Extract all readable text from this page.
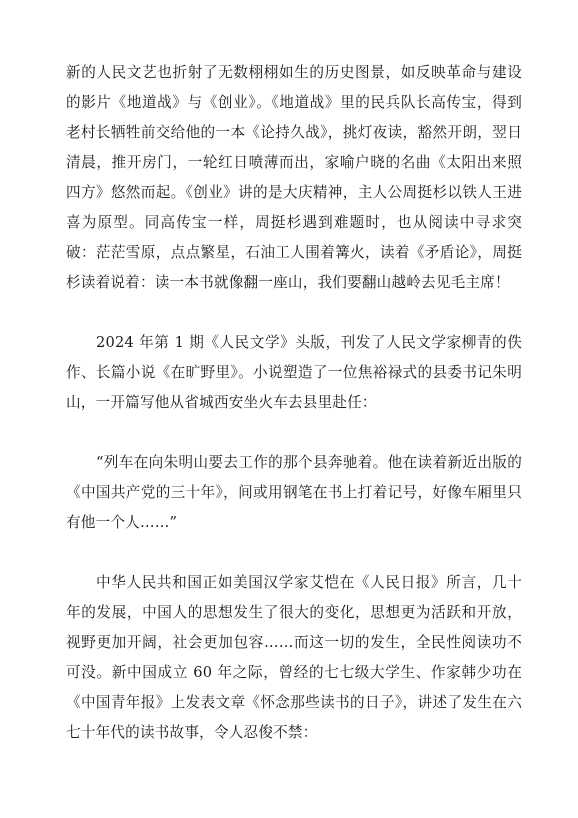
新的人民文艺也折射了无数栩栩如生的历史图景，如反映革命与建设的影片《地道战》与《创业》。《地道战》里的民兵队长高传宝，得到老村长牺牲前交给他的一本《论持久战》，挑灯夜读，豁然开朗，翌日清晨，推开房门，一轮红日喷薄而出，家喻户晓的名曲《太阳出来照四方》悠然而起。《创业》讲的是大庆精神，主人公周挺杉以铁人王进喜为原型。同高传宝一样，周挺杉遇到难题时，也从阅读中寻求突破：茫茫雪原，点点繁星，石油工人围着篝火，读着《矛盾论》，周挺杉读着说着：读一本书就像翻一座山，我们要翻山越岭去见毛主席！

2024 年第 1 期《人民文学》头版，刊发了人民文学家柳青的佚作、长篇小说《在旷野里》。小说塑造了一位焦裕禄式的县委书记朱明山，一开篇写他从省城西安坐火车去县里赴任：

“列车在向朱明山要去工作的那个县奔驰着。他在读着新近出版的《中国共产党的三十年》，间或用钢笔在书上打着记号，好像车厢里只有他一个人……”

中华人民共和国正如美国汉学家艾恺在《人民日报》所言，几十年的发展，中国人的思想发生了很大的变化，思想更为活跃和开放，视野更加开阔，社会更加包容……而这一切的发生，全民性阅读功不可没。新中国成立 60 年之际，曾经的七七级大学生、作家韩少功在《中国青年报》上发表文章《怀念那些读书的日子》，讲述了发生在六七十年代的读书故事，令人忍俊不禁：
